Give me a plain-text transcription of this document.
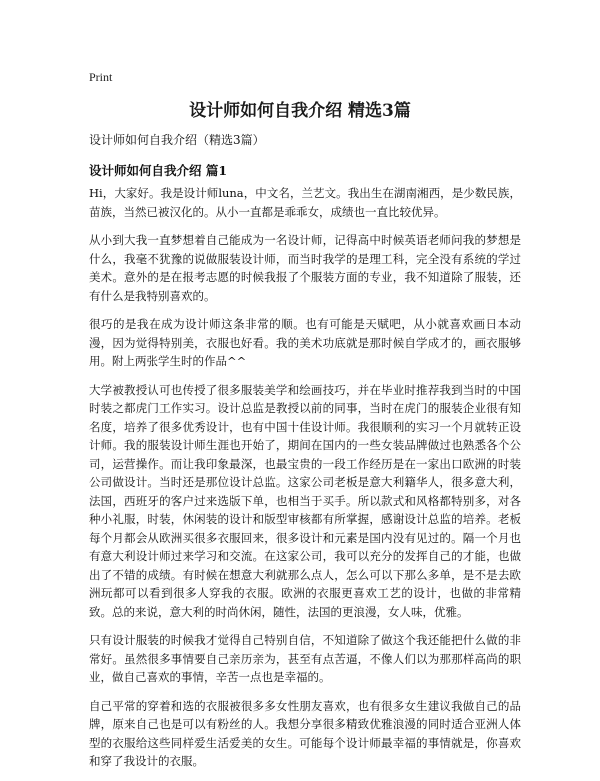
Print
设计师如何自我介绍 精选3篇
设计师如何自我介绍（精选3篇）
设计师如何自我介绍 篇1

Hi，大家好。我是设计师luna，中文名，兰艺文。我出生在湖南湘西，是少数民族，苗族，当然已被汉化的。从小一直都是乖乖女，成绩也一直比较优异。

从小到大我一直梦想着自己能成为一名设计师，记得高中时候英语老师问我的梦想是什么，我毫不犹豫的说做服装设计师，而当时我学的是理工科，完全没有系统的学过美术。意外的是在报考志愿的时候我报了个服装方面的专业，我不知道除了服装，还有什么是我特别喜欢的。

很巧的是我在成为设计师这条非常的顺。也有可能是天赋吧，从小就喜欢画日本动漫，因为觉得特别美，衣服也好看。我的美术功底就是那时候自学成才的，画衣服够用。附上两张学生时的作品^^

大学被教授认可也传授了很多服装美学和绘画技巧，并在毕业时推荐我到当时的中国时装之都虎门工作实习。设计总监是教授以前的同事，当时在虎门的服装企业很有知名度，培养了很多优秀设计，也有中国十佳设计师。我很顺利的实习一个月就转正设计师。我的服装设计师生涯也开始了，期间在国内的一些女装品牌做过也熟悉各个公司，运营操作。而让我印象最深，也最宝贵的一段工作经历是在一家出口欧洲的时装公司做设计。当时还是那位设计总监。这家公司老板是意大利籍华人，很多意大利，法国，西班牙的客户过来选版下单，也相当于买手。所以款式和风格都特别多，对各种小礼服，时装，休闲装的设计和版型审核都有所掌握，感谢设计总监的培养。老板每个月都会从欧洲买很多衣服回来，很多设计和元素是国内没有见过的。隔一个月也有意大利设计师过来学习和交流。在这家公司，我可以充分的发挥自己的才能，也做出了不错的成绩。有时候在想意大利就那么点人，怎么可以下那么多单，是不是去欧洲玩都可以看到很多人穿我的衣服。欧洲的衣服更喜欢工艺的设计，也做的非常精致。总的来说，意大利的时尚休闲，随性，法国的更浪漫，女人味，优雅。

只有设计服装的时候我才觉得自己特别自信，不知道除了做这个我还能把什么做的非常好。虽然很多事情要自己亲历亲为，甚至有点苦逼，不像人们以为那那样高尚的职业，做自己喜欢的事情，辛苦一点也是幸福的。

自己平常的穿着和选的衣服被很多多女性朋友喜欢，也有很多女生建议我做自己的品牌，原来自己也是可以有粉丝的人。我想分享很多精致优雅浪漫的同时适合亚洲人体型的衣服给这些同样爱生活爱美的女生。可能每个设计师最幸福的事情就是，你喜欢和穿了我设计的衣服。
